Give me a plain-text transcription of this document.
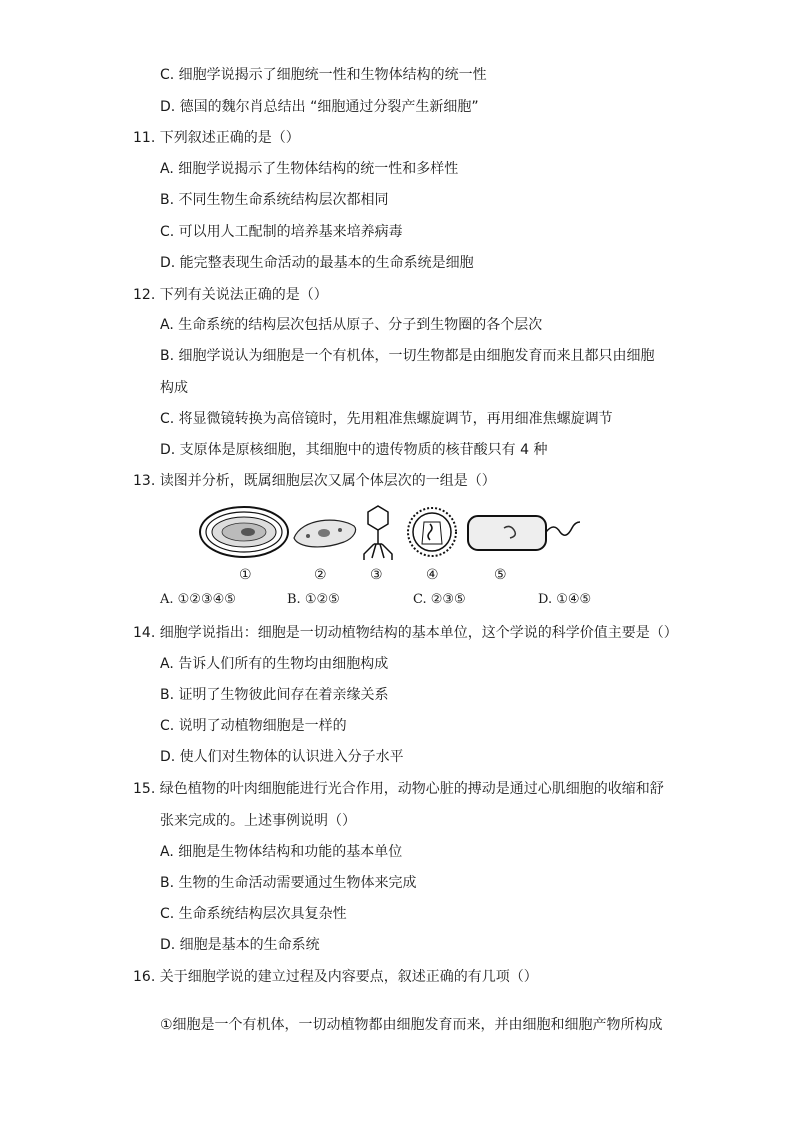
C. 细胞学说揭示了细胞统一性和生物体结构的统一性
D. 德国的魏尔肖总结出 “细胞通过分裂产生新细胞”
11. 下列叙述正确的是（）
A. 细胞学说揭示了生物体结构的统一性和多样性
B. 不同生物生命系统结构层次都相同
C. 可以用人工配制的培养基来培养病毒
D. 能完整表现生命活动的最基本的生命系统是细胞
12. 下列有关说法正确的是（）
A. 生命系统的结构层次包括从原子、分子到生物圈的各个层次
B. 细胞学说认为细胞是一个有机体，一切生物都是由细胞发育而来且都只由细胞
构成
C. 将显微镜转换为高倍镜时，先用粗准焦螺旋调节，再用细准焦螺旋调节
D. 支原体是原核细胞，其细胞中的遗传物质的核苷酸只有 4 种
13. 读图并分析，既属细胞层次又属个体层次的一组是（）
①	②	③	④	⑤
A. ①②③④⑤	B. ①②⑤	C. ②③⑤	D. ①④⑤
14. 细胞学说指出：细胞是一切动植物结构的基本单位，这个学说的科学价值主要是（）
A. 告诉人们所有的生物均由细胞构成
B. 证明了生物彼此间存在着亲缘关系
C. 说明了动植物细胞是一样的
D. 使人们对生物体的认识进入分子水平
15. 绿色植物的叶肉细胞能进行光合作用，动物心脏的搏动是通过心肌细胞的收缩和舒
张来完成的。上述事例说明（）
A. 细胞是生物体结构和功能的基本单位
B. 生物的生命活动需要通过生物体来完成
C. 生命系统结构层次具复杂性
D. 细胞是基本的生命系统
16. 关于细胞学说的建立过程及内容要点，叙述正确的有几项（）
①细胞是一个有机体，一切动植物都由细胞发育而来，并由细胞和细胞产物所构成
